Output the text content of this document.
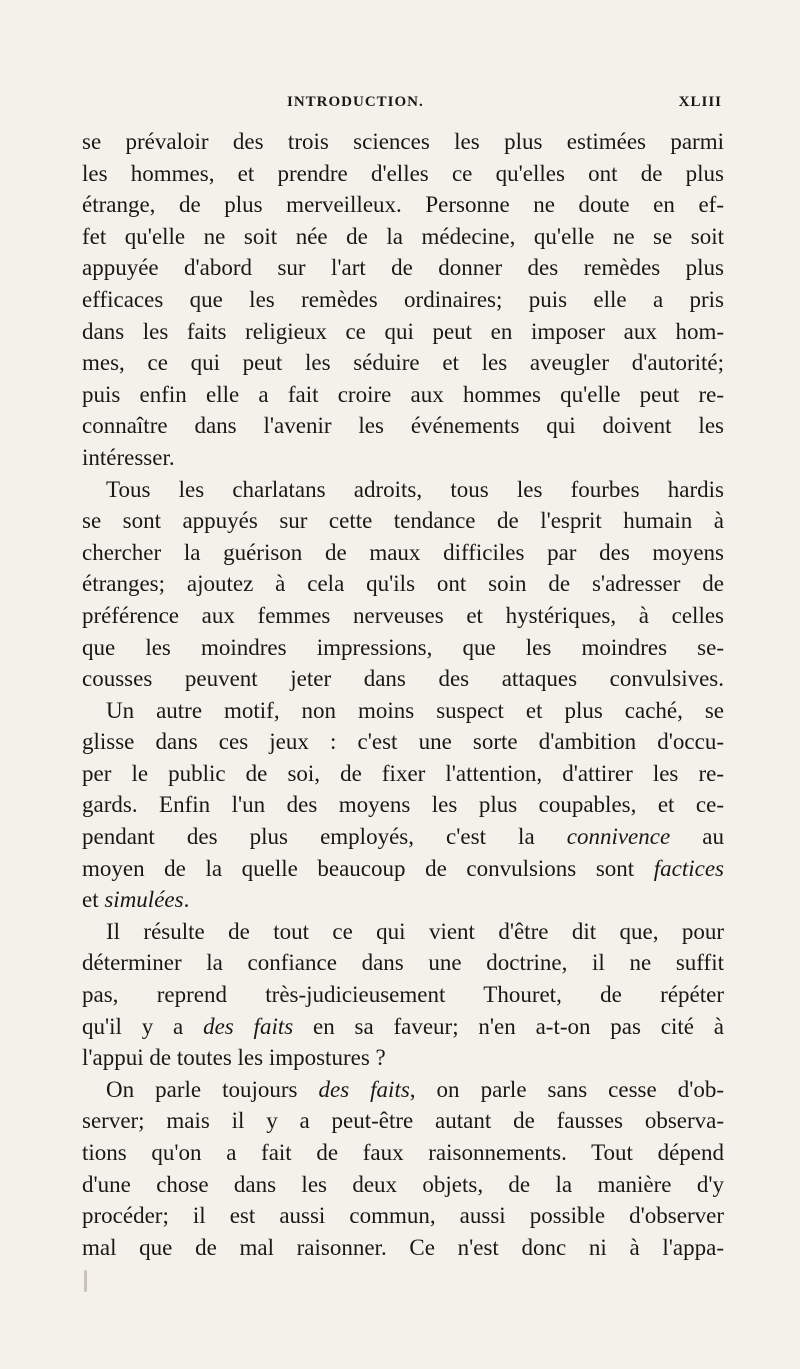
INTRODUCTION.	XLIII
se prévaloir des trois sciences les plus estimées parmi
les hommes, et prendre d'elles ce qu'elles ont de plus
étrange, de plus merveilleux. Personne ne doute en ef-
fet qu'elle ne soit née de la médecine, qu'elle ne se soit
appuyée d'abord sur l'art de donner des remèdes plus
efficaces que les remèdes ordinaires; puis elle a pris
dans les faits religieux ce qui peut en imposer aux hom-
mes, ce qui peut les séduire et les aveugler d'autorité;
puis enfin elle a fait croire aux hommes qu'elle peut re-
connaître dans l'avenir les événements qui doivent les
intéresser.
Tous les charlatans adroits, tous les fourbes hardis
se sont appuyés sur cette tendance de l'esprit humain à
chercher la guérison de maux difficiles par des moyens
étranges; ajoutez à cela qu'ils ont soin de s'adresser de
préférence aux femmes nerveuses et hystériques, à celles
que les moindres impressions, que les moindres se-
cousses peuvent jeter dans des attaques convulsives.
Un autre motif, non moins suspect et plus caché, se
glisse dans ces jeux : c'est une sorte d'ambition d'occu-
per le public de soi, de fixer l'attention, d'attirer les re-
gards. Enfin l'un des moyens les plus coupables, et ce-
pendant des plus employés, c'est la connivence au
moyen de la quelle beaucoup de convulsions sont factices
et simulées.
Il résulte de tout ce qui vient d'être dit que, pour
déterminer la confiance dans une doctrine, il ne suffit
pas, reprend très-judicieusement Thouret, de répéter
qu'il y a des faits en sa faveur; n'en a-t-on pas cité à
l'appui de toutes les impostures ?
On parle toujours des faits, on parle sans cesse d'ob-
server; mais il y a peut-être autant de fausses observa-
tions qu'on a fait de faux raisonnements. Tout dépend
d'une chose dans les deux objets, de la manière d'y
procéder; il est aussi commun, aussi possible d'observer
mal que de mal raisonner. Ce n'est donc ni à l'appa-
